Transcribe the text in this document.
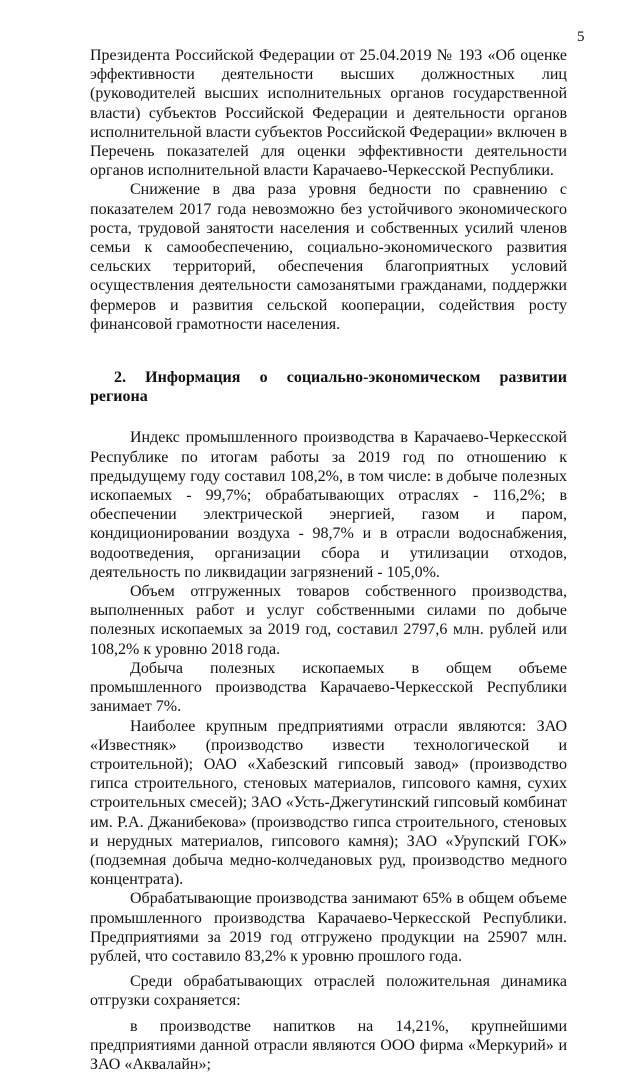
5

Президента Российской Федерации от 25.04.2019 № 193 «Об оценке эффективности деятельности высших должностных лиц (руководителей высших исполнительных органов государственной власти) субъектов Российской Федерации и деятельности органов исполнительной власти субъектов Российской Федерации» включен в Перечень показателей для оценки эффективности деятельности органов исполнительной власти Карачаево-Черкесской Республики.

Снижение в два раза уровня бедности по сравнению с показателем 2017 года невозможно без устойчивого экономического роста, трудовой занятости населения и собственных усилий членов семьи к самообеспечению, социально-экономического развития сельских территорий, обеспечения благоприятных условий осуществления деятельности самозанятыми гражданами, поддержки фермеров и развития сельской кооперации, содействия росту финансовой грамотности населения.

2. Информация о социально-экономическом развитии региона

Индекс промышленного производства в Карачаево-Черкесской Республике по итогам работы за 2019 год по отношению к предыдущему году составил 108,2%, в том числе: в добыче полезных ископаемых - 99,7%; обрабатывающих отраслях - 116,2%; в обеспечении электрической энергией, газом и паром, кондиционировании воздуха - 98,7% и в отрасли водоснабжения, водоотведения, организации сбора и утилизации отходов, деятельность по ликвидации загрязнений - 105,0%.

Объем отгруженных товаров собственного производства, выполненных работ и услуг собственными силами по добыче полезных ископаемых за 2019 год, составил 2797,6 млн. рублей или 108,2% к уровню 2018 года.

Добыча полезных ископаемых в общем объеме промышленного производства Карачаево-Черкесской Республики занимает 7%.

Наиболее крупным предприятиями отрасли являются: ЗАО «Известняк» (производство извести технологической и строительной); ОАО «Хабезский гипсовый завод» (производство гипса строительного, стеновых материалов, гипсового камня, сухих строительных смесей); ЗАО «Усть-Джегутинский гипсовый комбинат им. Р.А. Джанибекова» (производство гипса строительного, стеновых и нерудных материалов, гипсового камня); ЗАО «Урупский ГОК» (подземная добыча медно-колчедановых руд, производство медного концентрата).

Обрабатывающие производства занимают 65% в общем объеме промышленного производства Карачаево-Черкесской Республики. Предприятиями за 2019 год отгружено продукции на 25907 млн. рублей, что составило 83,2% к уровню прошлого года.

Среди обрабатывающих отраслей положительная динамика отгрузки сохраняется:

в производстве напитков на 14,21%, крупнейшими предприятиями данной отрасли являются ООО фирма «Меркурий» и ЗАО «Аквалайн»;
